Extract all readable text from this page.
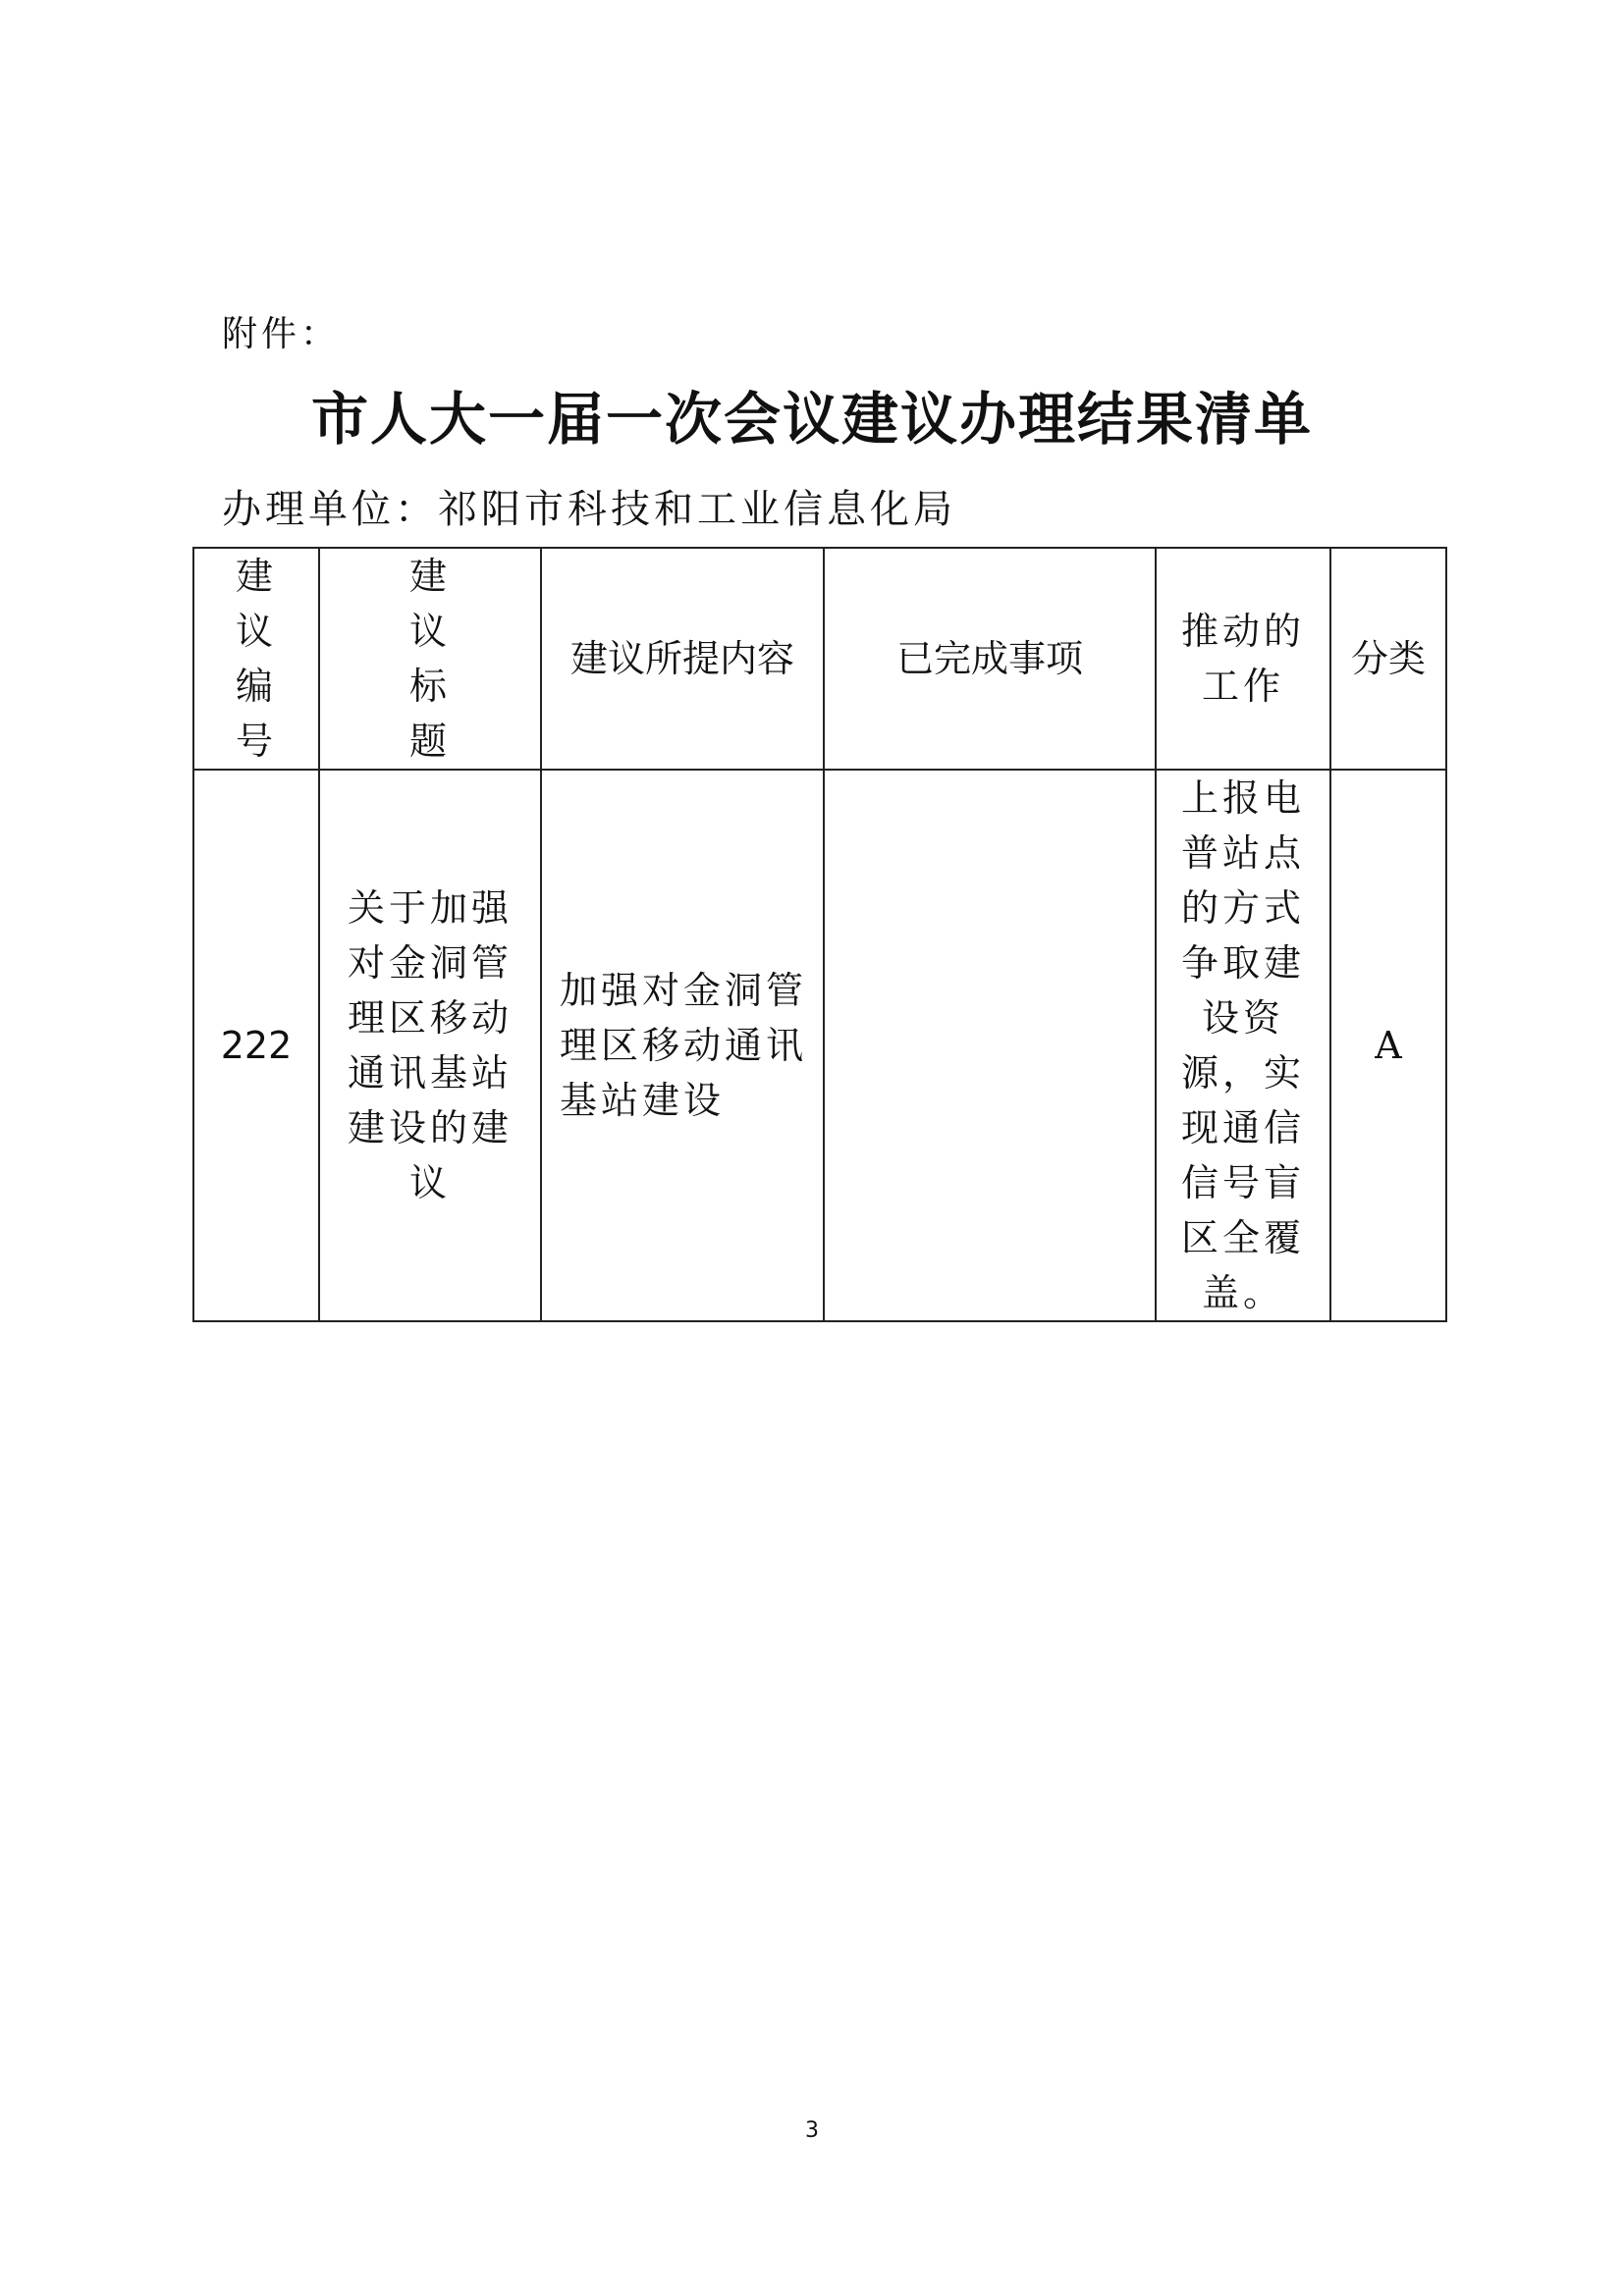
附件：
市人大一届一次会议建议办理结果清单
办理单位：祁阳市科技和工业信息化局
建议编号	建议标题	建议所提内容	已完成事项	推动的工作	分类
222	关于加强对金洞管理区移动通讯基站建设的建议	加强对金洞管理区移动通讯基站建设		上报电普站点的方式争取建设资源，实现通信信号盲区全覆盖。	A
3
